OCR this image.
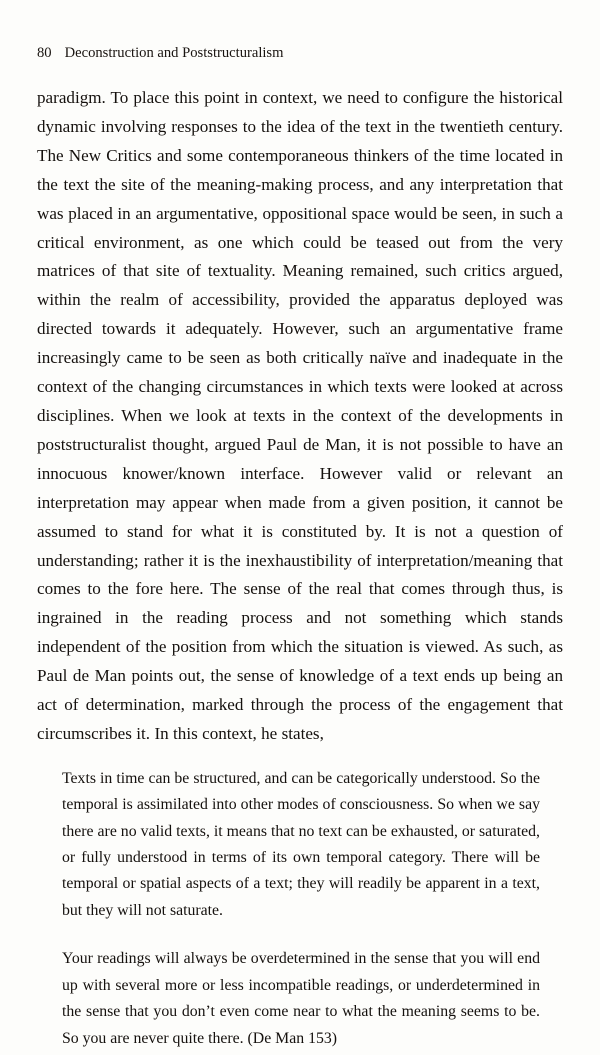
80 Deconstruction and Poststructuralism

paradigm. To place this point in context, we need to configure the historical dynamic involving responses to the idea of the text in the twentieth century. The New Critics and some contemporaneous thinkers of the time located in the text the site of the meaning-making process, and any interpretation that was placed in an argumentative, oppositional space would be seen, in such a critical environment, as one which could be teased out from the very matrices of that site of textuality. Meaning remained, such critics argued, within the realm of accessibility, provided the apparatus deployed was directed towards it adequately. However, such an argumentative frame increasingly came to be seen as both critically naïve and inadequate in the context of the changing circumstances in which texts were looked at across disciplines. When we look at texts in the context of the developments in poststructuralist thought, argued Paul de Man, it is not possible to have an innocuous knower/known interface. However valid or relevant an interpretation may appear when made from a given position, it cannot be assumed to stand for what it is constituted by. It is not a question of understanding; rather it is the inexhaustibility of interpretation/meaning that comes to the fore here. The sense of the real that comes through thus, is ingrained in the reading process and not something which stands independent of the position from which the situation is viewed. As such, as Paul de Man points out, the sense of knowledge of a text ends up being an act of determination, marked through the process of the engagement that circumscribes it. In this context, he states,

Texts in time can be structured, and can be categorically understood. So the temporal is assimilated into other modes of consciousness. So when we say there are no valid texts, it means that no text can be exhausted, or saturated, or fully understood in terms of its own temporal category. There will be temporal or spatial aspects of a text; they will readily be apparent in a text, but they will not saturate.

Your readings will always be overdetermined in the sense that you will end up with several more or less incompatible readings, or underdetermined in the sense that you don’t even come near to what the meaning seems to be. So you are never quite there. (De Man 153)
